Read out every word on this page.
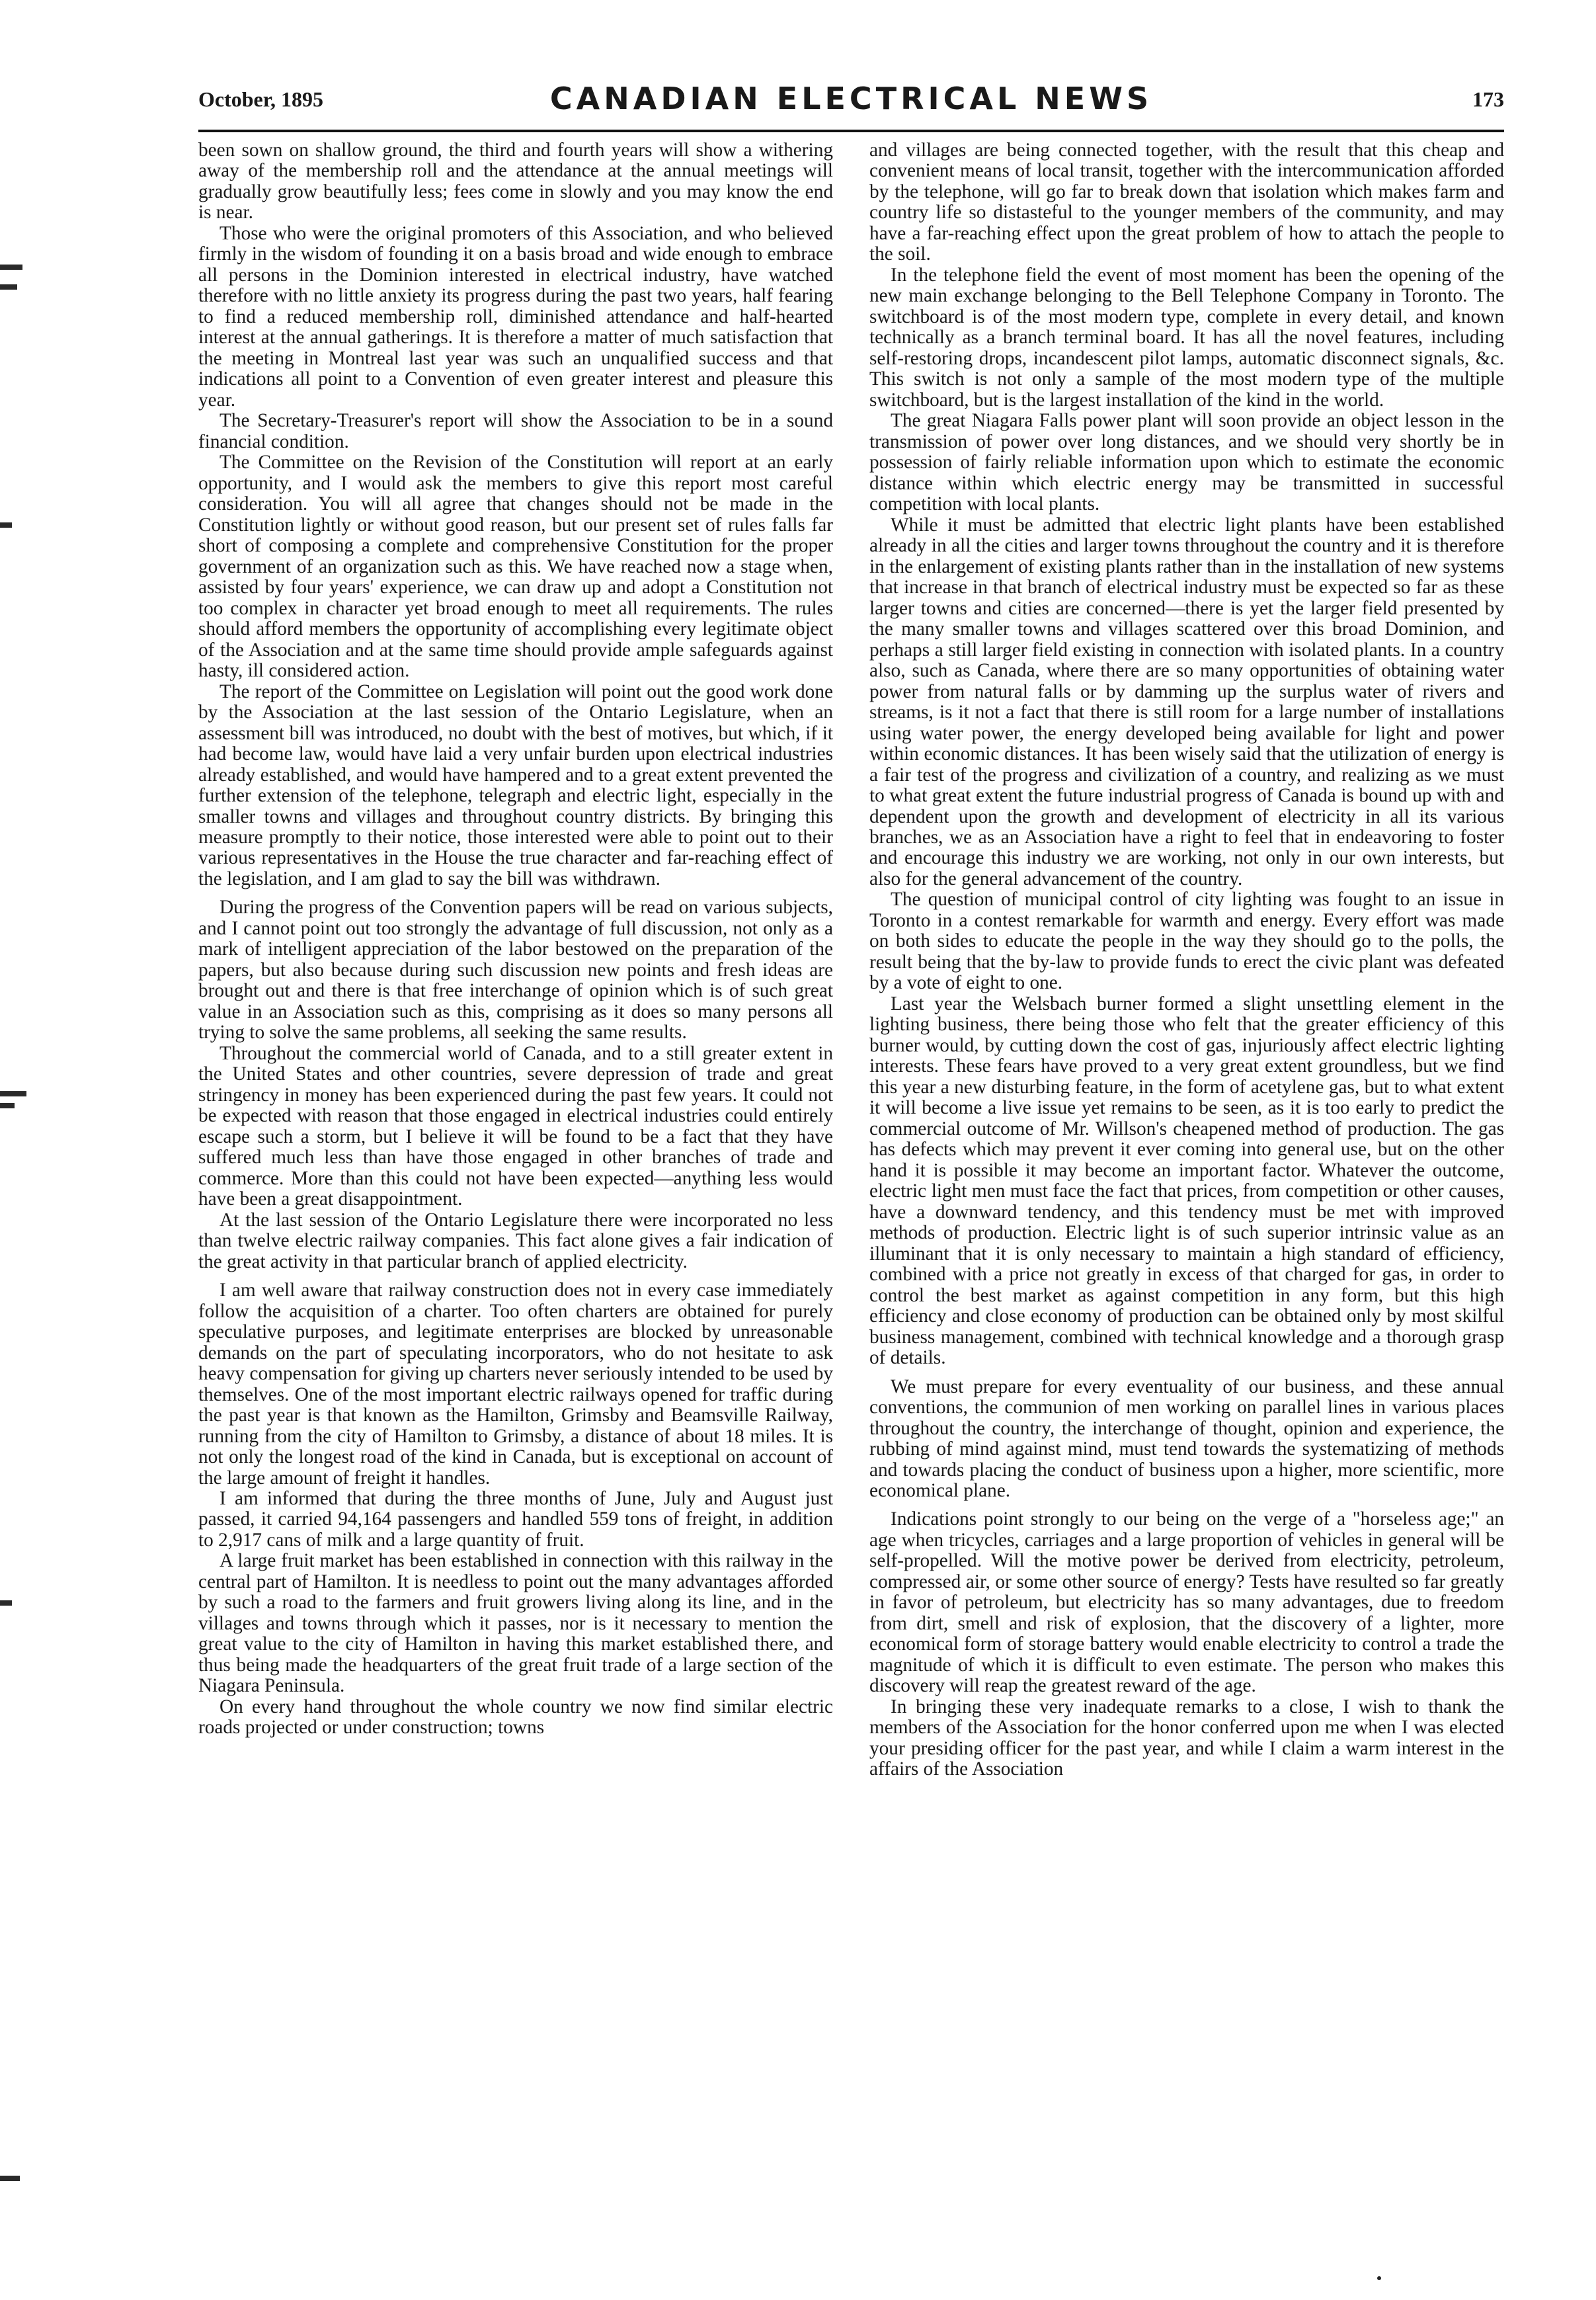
October, 1895	CANADIAN ELECTRICAL NEWS	173

been sown on shallow ground, the third and fourth years will show a withering away of the membership roll and the attendance at the annual meetings will gradually grow beautifully less; fees come in slowly and you may know the end is near.

Those who were the original promoters of this Association, and who believed firmly in the wisdom of founding it on a basis broad and wide enough to embrace all persons in the Dominion interested in electrical industry, have watched therefore with no little anxiety its progress during the past two years, half fearing to find a reduced membership roll, diminished attendance and half-hearted interest at the annual gatherings. It is therefore a matter of much satisfaction that the meeting in Montreal last year was such an unqualified success and that indications all point to a Convention of even greater interest and pleasure this year.

The Secretary-Treasurer's report will show the Association to be in a sound financial condition.

The Committee on the Revision of the Constitution will report at an early opportunity, and I would ask the members to give this report most careful consideration. You will all agree that changes should not be made in the Constitution lightly or without good reason, but our present set of rules falls far short of composing a complete and comprehensive Constitution for the proper government of an organization such as this. We have reached now a stage when, assisted by four years' experience, we can draw up and adopt a Constitution not too complex in character yet broad enough to meet all requirements. The rules should afford members the opportunity of accomplishing every legitimate object of the Association and at the same time should provide ample safeguards against hasty, ill considered action.

The report of the Committee on Legislation will point out the good work done by the Association at the last session of the Ontario Legislature, when an assessment bill was introduced, no doubt with the best of motives, but which, if it had become law, would have laid a very unfair burden upon electrical industries already established, and would have hampered and to a great extent prevented the further extension of the telephone, telegraph and electric light, especially in the smaller towns and villages and throughout country districts. By bringing this measure promptly to their notice, those interested were able to point out to their various representatives in the House the true character and far-reaching effect of the legislation, and I am glad to say the bill was withdrawn.

During the progress of the Convention papers will be read on various subjects, and I cannot point out too strongly the advantage of full discussion, not only as a mark of intelligent appreciation of the labor bestowed on the preparation of the papers, but also because during such discussion new points and fresh ideas are brought out and there is that free interchange of opinion which is of such great value in an Association such as this, comprising as it does so many persons all trying to solve the same problems, all seeking the same results.

Throughout the commercial world of Canada, and to a still greater extent in the United States and other countries, severe depression of trade and great stringency in money has been experienced during the past few years. It could not be expected with reason that those engaged in electrical industries could entirely escape such a storm, but I believe it will be found to be a fact that they have suffered much less than have those engaged in other branches of trade and commerce. More than this could not have been expected—anything less would have been a great disappointment.

At the last session of the Ontario Legislature there were incorporated no less than twelve electric railway companies. This fact alone gives a fair indication of the great activity in that particular branch of applied electricity.

I am well aware that railway construction does not in every case immediately follow the acquisition of a charter. Too often charters are obtained for purely speculative purposes, and legitimate enterprises are blocked by unreasonable demands on the part of speculating incorporators, who do not hesitate to ask heavy compensation for giving up charters never seriously intended to be used by themselves. One of the most important electric railways opened for traffic during the past year is that known as the Hamilton, Grimsby and Beamsville Railway, running from the city of Hamilton to Grimsby, a distance of about 18 miles. It is not only the longest road of the kind in Canada, but is exceptional on account of the large amount of freight it handles.

I am informed that during the three months of June, July and August just passed, it carried 94,164 passengers and handled 559 tons of freight, in addition to 2,917 cans of milk and a large quantity of fruit.

A large fruit market has been established in connection with this railway in the central part of Hamilton. It is needless to point out the many advantages afforded by such a road to the farmers and fruit growers living along its line, and in the villages and towns through which it passes, nor is it necessary to mention the great value to the city of Hamilton in having this market established there, and thus being made the headquarters of the great fruit trade of a large section of the Niagara Peninsula.

On every hand throughout the whole country we now find similar electric roads projected or under construction; towns

and villages are being connected together, with the result that this cheap and convenient means of local transit, together with the intercommunication afforded by the telephone, will go far to break down that isolation which makes farm and country life so distasteful to the younger members of the community, and may have a far-reaching effect upon the great problem of how to attach the people to the soil.

In the telephone field the event of most moment has been the opening of the new main exchange belonging to the Bell Telephone Company in Toronto. The switchboard is of the most modern type, complete in every detail, and known technically as a branch terminal board. It has all the novel features, including self-restoring drops, incandescent pilot lamps, automatic disconnect signals, &c. This switch is not only a sample of the most modern type of the multiple switchboard, but is the largest installation of the kind in the world.

The great Niagara Falls power plant will soon provide an object lesson in the transmission of power over long distances, and we should very shortly be in possession of fairly reliable information upon which to estimate the economic distance within which electric energy may be transmitted in successful competition with local plants.

While it must be admitted that electric light plants have been established already in all the cities and larger towns throughout the country and it is therefore in the enlargement of existing plants rather than in the installation of new systems that increase in that branch of electrical industry must be expected so far as these larger towns and cities are concerned—there is yet the larger field presented by the many smaller towns and villages scattered over this broad Dominion, and perhaps a still larger field existing in connection with isolated plants. In a country also, such as Canada, where there are so many opportunities of obtaining water power from natural falls or by damming up the surplus water of rivers and streams, is it not a fact that there is still room for a large number of installations using water power, the energy developed being available for light and power within economic distances. It has been wisely said that the utilization of energy is a fair test of the progress and civilization of a country, and realizing as we must to what great extent the future industrial progress of Canada is bound up with and dependent upon the growth and development of electricity in all its various branches, we as an Association have a right to feel that in endeavoring to foster and encourage this industry we are working, not only in our own interests, but also for the general advancement of the country.

The question of municipal control of city lighting was fought to an issue in Toronto in a contest remarkable for warmth and energy. Every effort was made on both sides to educate the people in the way they should go to the polls, the result being that the by-law to provide funds to erect the civic plant was defeated by a vote of eight to one.

Last year the Welsbach burner formed a slight unsettling element in the lighting business, there being those who felt that the greater efficiency of this burner would, by cutting down the cost of gas, injuriously affect electric lighting interests. These fears have proved to a very great extent groundless, but we find this year a new disturbing feature, in the form of acetylene gas, but to what extent it will become a live issue yet remains to be seen, as it is too early to predict the commercial outcome of Mr. Willson's cheapened method of production. The gas has defects which may prevent it ever coming into general use, but on the other hand it is possible it may become an important factor. Whatever the outcome, electric light men must face the fact that prices, from competition or other causes, have a downward tendency, and this tendency must be met with improved methods of production. Electric light is of such superior intrinsic value as an illuminant that it is only necessary to maintain a high standard of efficiency, combined with a price not greatly in excess of that charged for gas, in order to control the best market as against competition in any form, but this high efficiency and close economy of production can be obtained only by most skilful business management, combined with technical knowledge and a thorough grasp of details.

We must prepare for every eventuality of our business, and these annual conventions, the communion of men working on parallel lines in various places throughout the country, the interchange of thought, opinion and experience, the rubbing of mind against mind, must tend towards the systematizing of methods and towards placing the conduct of business upon a higher, more scientific, more economical plane.

Indications point strongly to our being on the verge of a "horseless age;" an age when tricycles, carriages and a large proportion of vehicles in general will be self-propelled. Will the motive power be derived from electricity, petroleum, compressed air, or some other source of energy? Tests have resulted so far greatly in favor of petroleum, but electricity has so many advantages, due to freedom from dirt, smell and risk of explosion, that the discovery of a lighter, more economical form of storage battery would enable electricity to control a trade the magnitude of which it is difficult to even estimate. The person who makes this discovery will reap the greatest reward of the age.

In bringing these very inadequate remarks to a close, I wish to thank the members of the Association for the honor conferred upon me when I was elected your presiding officer for the past year, and while I claim a warm interest in the affairs of the Association
